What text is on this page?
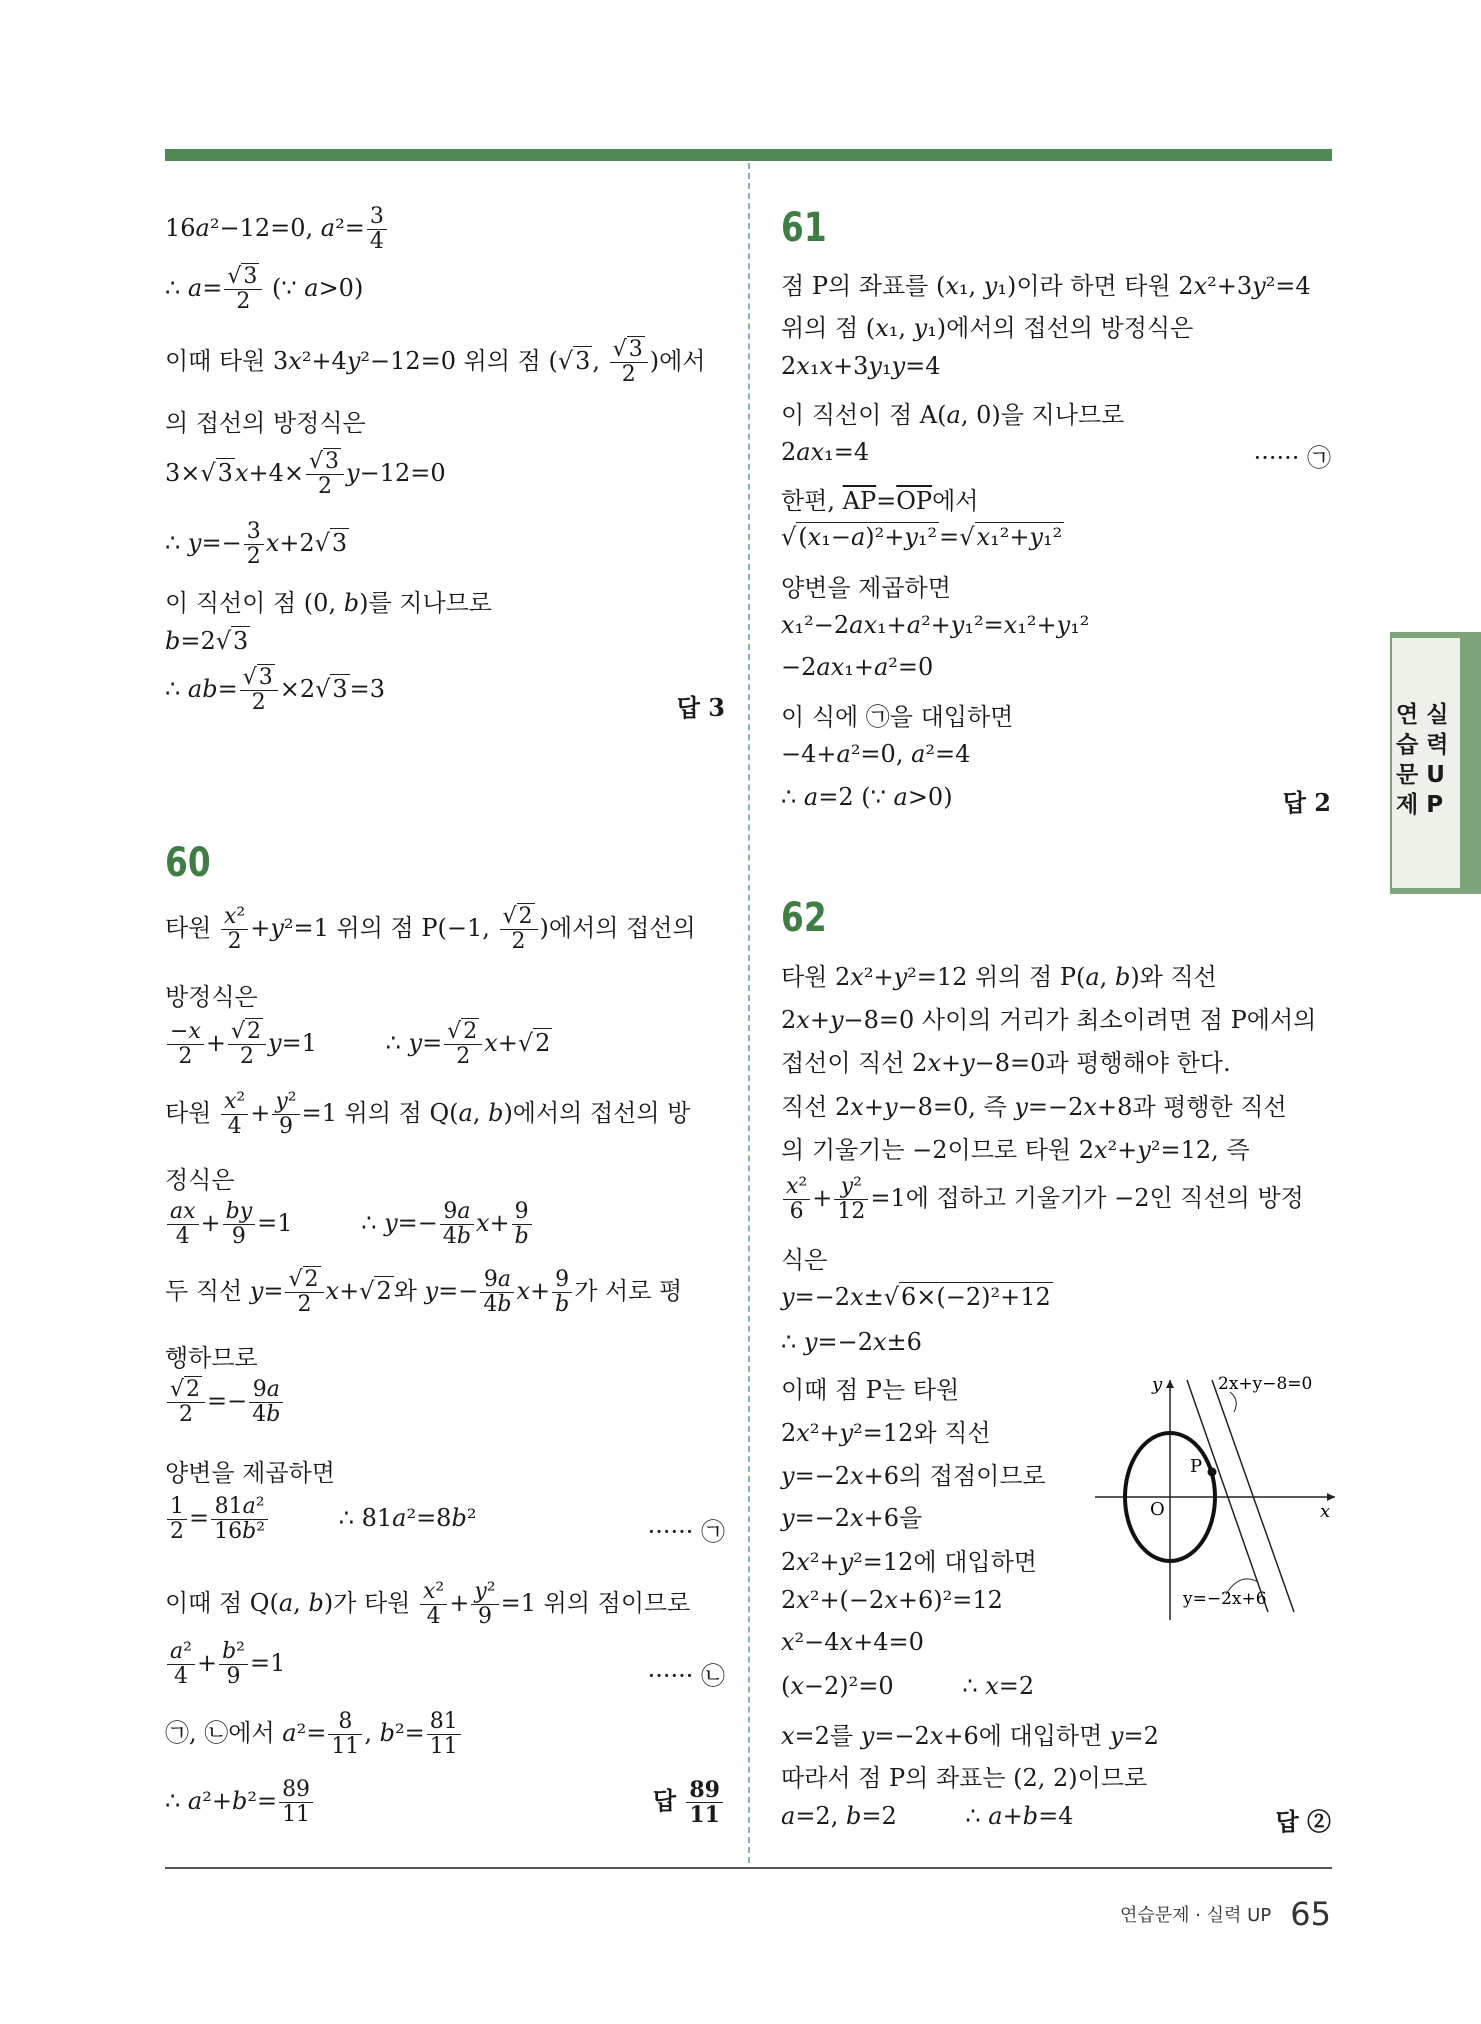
16a²−12=0, $a^2= \frac{3}{4}$
∴ $a= \frac{√3}{2}$ (∵ a>0)
이때 타원 3x²+4y²−12=0 위의 점 (√3, $\frac{√3}{2}$ )에서
의 접선의 방정식은
$3\times√3x+4\times \frac{√3}{2} y-12=0$
∴ $y=- \frac{3}{2} x+2√3$
이 직선이 점 (0, b)를 지나므로
b=2√3
∴ $ab= \frac{√3}{2} \times 2√3=3$
답 3
60
타원 $\frac{\text{x²}}{2} +y^2=1$ 위의 점 P(−1, $\frac{√2}{2}$ )에서의 접선의
방정식은
$\frac{-x}{2} + \frac{√2}{2} y=1$         ∴ $y= \frac{√2}{2} x+√2$
타원 $\frac{\text{x²}}{4} + \frac{\text{y²}}{9} =1$ 위의 점 Q(a, b)에서의 접선의 방
정식은
$\frac{ax}{4} + \frac{by}{9} =1$         ∴ $y=- \frac{9a}{4b} x+ \frac{9}{b}$
두 직선 $y= \frac{√2}{2} x+√2$와 $y=- \frac{9a}{4b} x+ \frac{9}{b}$ 가 서로 평
행하므로
$\frac{√2}{2} =- \frac{9a}{4b}$
양변을 제곱하면
$\frac{1}{2} = \frac{\text{81a²}}{\text{16b²}}$ ∴ 81a²=8b²	······ ㉠
이때 점 Q(a, b)가 타원 $\frac{\text{x²}}{4} + \frac{\text{y²}}{9} =1$ 위의 점이므로
$\frac{\text{a²}}{4} + \frac{\text{b²}}{9} =1$	······ ㉡
㉠, ㉡에서 $a^2= \frac{8}{11}$ , $b^2= \frac{81}{11}$
∴ $a^2+b^2= \frac{89}{11}$	답 $\frac{89}{11}$
61
점 P의 좌표를 (x₁, y₁)이라 하면 타원 2x²+3y²=4
위의 점 (x₁, y₁)에서의 접선의 방정식은
2x₁x+3y₁y=4
이 직선이 점 A(a, 0)을 지나므로
2ax₁=4	······ ㉠
한편, $\overline{AP}=\overline{OP}$에서
√(x₁−a)²+y₁²=√x₁²+y₁²
양변을 제곱하면
x₁²−2ax₁+a²+y₁²=x₁²+y₁²
−2ax₁+a²=0
이 식에 ㉠을 대입하면
−4+a²=0, a²=4
∴ a=2 (∵ a>0)	답 2
62
타원 2x²+y²=12 위의 점 P(a, b)와 직선
2x+y−8=0 사이의 거리가 최소이려면 점 P에서의
접선이 직선 2x+y−8=0과 평행해야 한다.
직선 2x+y−8=0, 즉 y=−2x+8과 평행한 직선
의 기울기는 −2이므로 타원 2x²+y²=12, 즉
$\frac{\text{x²}}{6} + \frac{\text{y²}}{12} =1$에 접하고 기울기가 −2인 직선의 방정
식은
y=−2x±√6×(−2)²+12
∴ y=−2x±6
이때 점 P는 타원
2x²+y²=12와 직선
y=−2x+6의 접점이므로
y=−2x+6을
2x²+y²=12에 대입하면
2x²+(−2x+6)²=12
x²−4x+4=0
(x−2)²=0         ∴ x=2
x=2를 y=−2x+6에 대입하면 y=2
따라서 점 P의 좌표는 (2, 2)이므로
a=2, b=2         ∴ a+b=4	답 ②
y
x
O
P
2x+y−8=0
y=−2x+6
연 실
습 력
문 U
제 P
연습문제 · 실력 UP 65
